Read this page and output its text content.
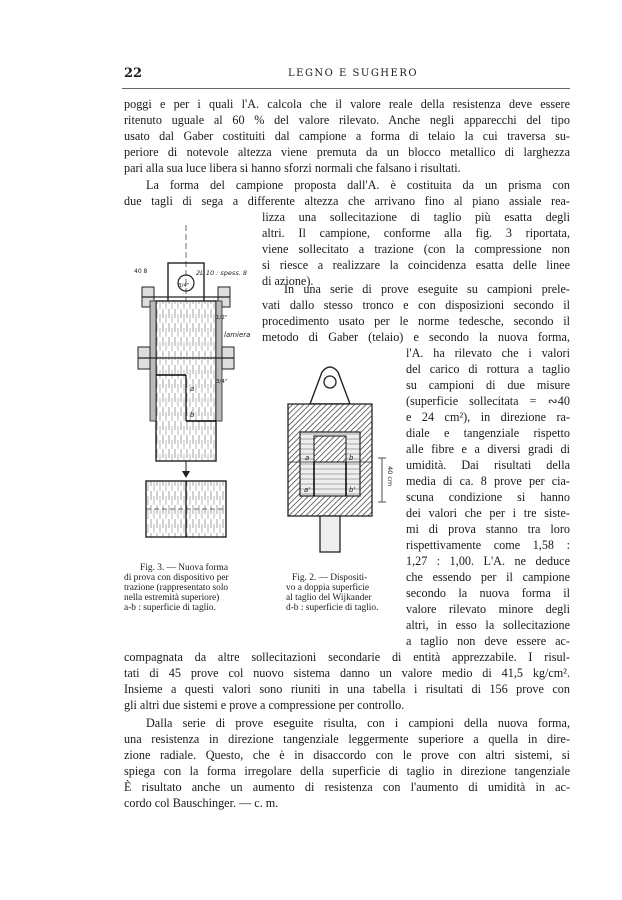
22	LEGNO E SUGHERO
poggi e per i quali l'A. calcola che il valore reale della resistenza deve essere
ritenuto uguale al 60 % del valore rilevato. Anche negli apparecchi del tipo
usato dal Gaber costituiti dal campione a forma di telaio la cui traversa su-
periore di notevole altezza viene premuta da un blocco metallico di larghezza
pari alla sua luce libera si hanno sforzi normali che falsano i risultati.
La forma del campione proposta dall'A. è costituita da un prisma con
due tagli di sega a differente altezza che arrivano fino al piano assiale rea-
lizza una sollecitazione di taglio più esatta degli
altri. Il campione, conforme alla fig. 3 riportata,
viene sollecitato a trazione (con la compressione non
si riesce a realizzare la coincidenza esatta delle linee
di azione).
In una serie di prove eseguite su campioni prele-
vati dallo stesso tronco e con disposizioni secondo il
procedimento usato per le norme tedesche, secondo il
metodo di Gaber (telaio) e secondo la nuova forma,
l'A. ha rilevato che i valori
del carico di rottura a taglio
su campioni di due misure
(superficie sollecitata = ∾40
e 24 cm²), in direzione ra-
diale e tangenziale rispetto
alle fibre e a diversi gradi di
umidità. Dai risultati della
media di ca. 8 prove per cia-
scuna condizione si hanno
dei valori che per i tre siste-
mi di prova stanno tra loro
rispettivamente come 1,58 :
1,27 : 1,00. L'A. ne deduce
che essendo per il campione
secondo la nuova forma il
valore rilevato minore degli
altri, in esso la sollecitazione
a taglio non deve essere ac-
compagnata da altre sollecitazioni secondarie di entità apprezzabile. I risul-
tati di 45 prove col nuovo sistema danno un valore medio di 41,5 kg/cm².
Insieme a questi valori sono riuniti in una tabella i risultati di 156 prove con
gli altri due sistemi e prove a compressione per controllo.
Dalla serie di prove eseguite risulta, con i campioni della nuova forma,
una resistenza in direzione tangenziale leggermente superiore a quella in dire-
zione radiale. Questo, che è in disaccordo con le prove con altri sistemi, si
spiega con la forma irregolare della superficie di taglio in direzione tangenziale
È risultato anche un aumento di resistenza con l'aumento di umidità in ac-
cordo col Bauschinger. — c. m.
2L 10 : spess. 8
40 8
lamiera
3/4"
1/2"
3/4"
a
b
40 cm
a	b
a'	b'
Fig. 3. — Nuova forma
di prova con dispositivo per
trazione (rappresentato solo
nella estremità superiore)
a-b : superficie di taglio.
Fig. 2. — Dispositi-
vo a doppia superficie
al taglio del Wijkander
d-b : superficie di taglio.
